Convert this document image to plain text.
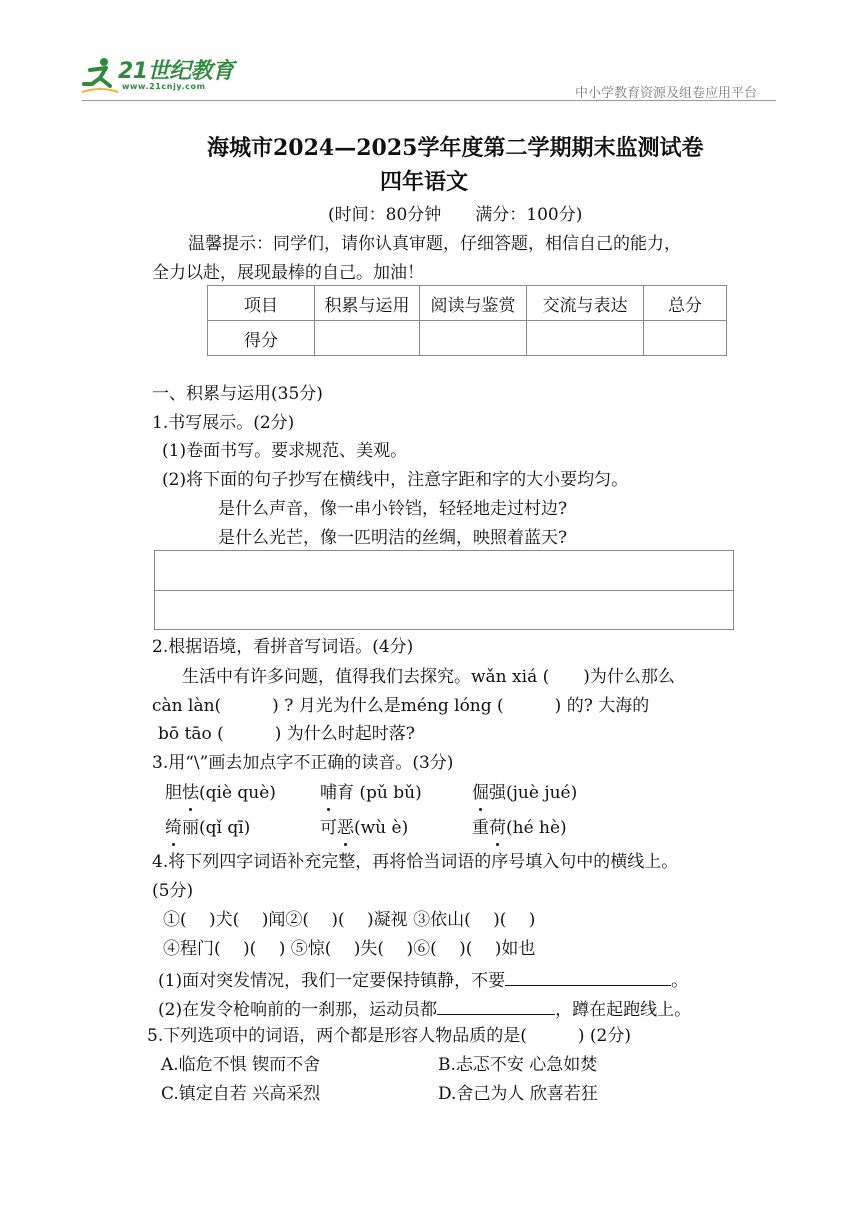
21世纪教育
www.21cnjy.com	中小学教育资源及组卷应用平台
海城市2024—2025学年度第二学期期末监测试卷
四年语文
(时间：80分钟　　满分：100分)
温馨提示：同学们，请你认真审题，仔细答题，相信自己的能力，
全力以赴，展现最棒的自己。加油！
项目	积累与运用	阅读与鉴赏	交流与表达	总分
得分				
一、积累与运用(35分)
1.书写展示。(2分)
(1)卷面书写。要求规范、美观。
(2)将下面的句子抄写在横线中，注意字距和字的大小要均匀。
是什么声音，像一串小铃铛，轻轻地走过村边?
是什么光芒，像一匹明洁的丝绸，映照着蓝天?
2.根据语境，看拼音写词语。(4分)
生活中有许多问题，值得我们去探究。wǎn xiá (　　)为什么那么
càn làn(　　　) ? 月光为什么是méng lóng (　　　) 的? 大海的
bō tāo (　　　) 为什么时起时落?
3.用“\”画去加点字不正确的读音。(3分)
胆怯(qiè què)	哺育 (pǔ bǔ)	倔强(juè jué)
绮丽(qǐ qī)	可恶(wù è)	重荷(hé hè)
4.将下列四字词语补充完整，再将恰当词语的序号填入句中的横线上。
(5分)
①(　 )犬(　 )闻②(　 )(　 )凝视 ③依山(　 )(　 )
④程门(　 )(　 ) ⑤惊(　 )失(　 )⑥(　 )(　 )如也
(1)面对突发情况，我们一定要保持镇静，不要	。
(2)在发令枪响前的一刹那，运动员都	，蹲在起跑线上。
5.下列选项中的词语，两个都是形容人物品质的是(　　　) (2分)
A.临危不惧 锲而不舍	B.忐忑不安 心急如焚
C.镇定自若 兴高采烈	D.舍己为人 欣喜若狂
